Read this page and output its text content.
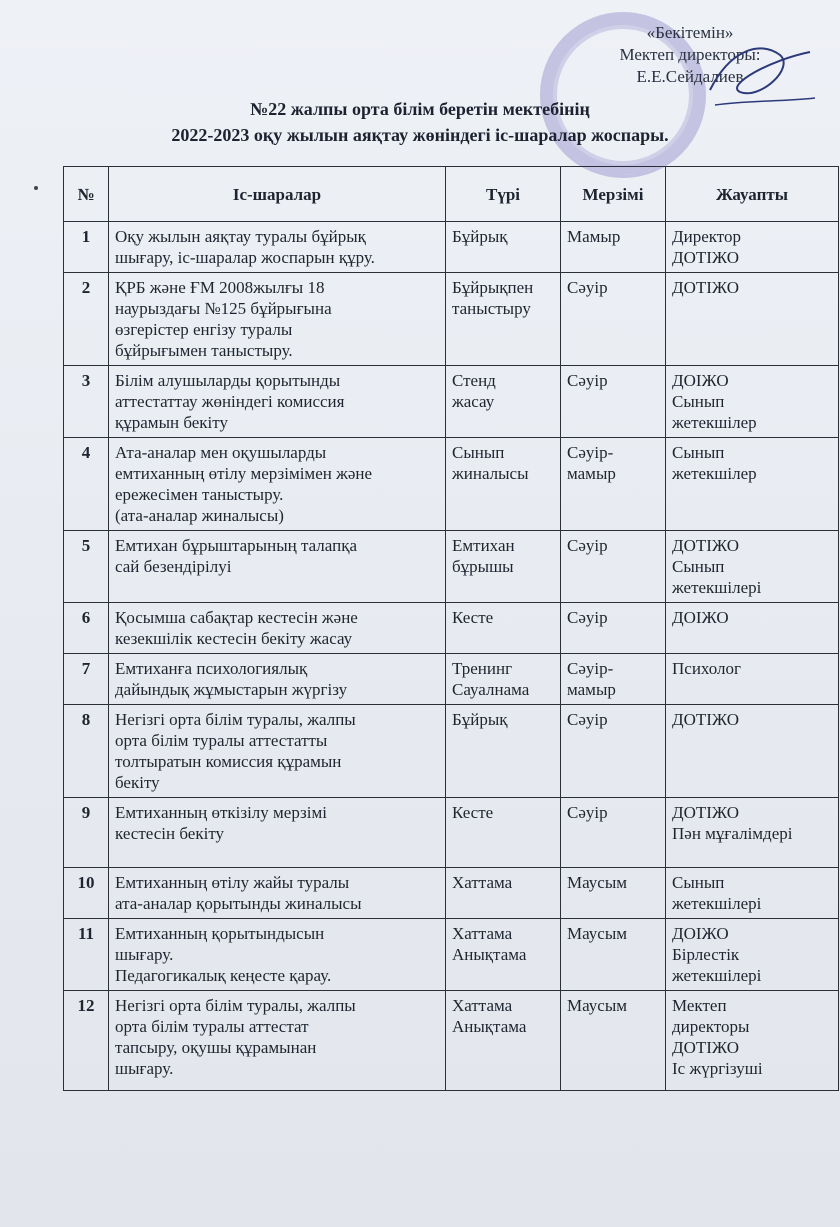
«Бекітемін»
Мектеп директоры:
Е.Е.Сейдалиев
№22 жалпы орта білім беретін мектебінің
2022-2023 оқу жылын аяқтау жөніндегі іс-шаралар жоспары.
№	Іс-шаралар	Түрі	Мерзімі	Жауапты
1	Оқу жылын аяқтау туралы бұйрық
шығару, іс-шаралар жоспарын құру.	Бұйрық	Мамыр	Директор
ДОТІЖО
2	ҚРБ және ҒМ 2008жылғы 18
наурыздағы №125 бұйрығына
өзгерістер енгізу туралы
бұйрығымен таныстыру.	Бұйрықпен
таныстыру	Сәуір	ДОТІЖО
3	Білім алушыларды қорытынды
аттестаттау жөніндегі комиссия
құрамын бекіту	Стенд
жасау	Сәуір	ДОІЖО
Сынып
жетекшілер
4	Ата-аналар мен оқушыларды
емтиханның өтілу мерзімімен және
ережесімен таныстыру.
(ата-аналар жиналысы)	Сынып
жиналысы	Сәуір-
мамыр	Сынып
жетекшілер
5	Емтихан бұрыштарының талапқа
сай безендірілуі	Емтихан
бұрышы	Сәуір	ДОТІЖО
Сынып
жетекшілері
6	Қосымша сабақтар кестесін және
кезекшілік кестесін бекіту жасау	Кесте	Сәуір	ДОІЖО
7	Емтиханға психологиялық
дайындық жұмыстарын жүргізу	Тренинг
Сауалнама	Сәуір-
мамыр	Психолог
8	Негізгі орта білім туралы, жалпы
орта білім туралы аттестатты
толтыратын комиссия құрамын
бекіту	Бұйрық	Сәуір	ДОТІЖО
9	Емтиханның өткізілу мерзімі
кестесін бекіту	Кесте	Сәуір	ДОТІЖО
Пән мұғалімдері
10	Емтиханның өтілу жайы туралы
ата-аналар қорытынды жиналысы	Хаттама	Маусым	Сынып
жетекшілері
11	Емтиханның қорытындысын
шығару.
Педагогикалық кеңесте қарау.	Хаттама
Анықтама	Маусым	ДОІЖО
Бірлестік
жетекшілері
12	Негізгі орта білім туралы, жалпы
орта білім туралы аттестат
тапсыру, оқушы құрамынан
шығару.	Хаттама
Анықтама	Маусым	Мектеп
директоры
ДОТІЖО
Іс жүргізуші
